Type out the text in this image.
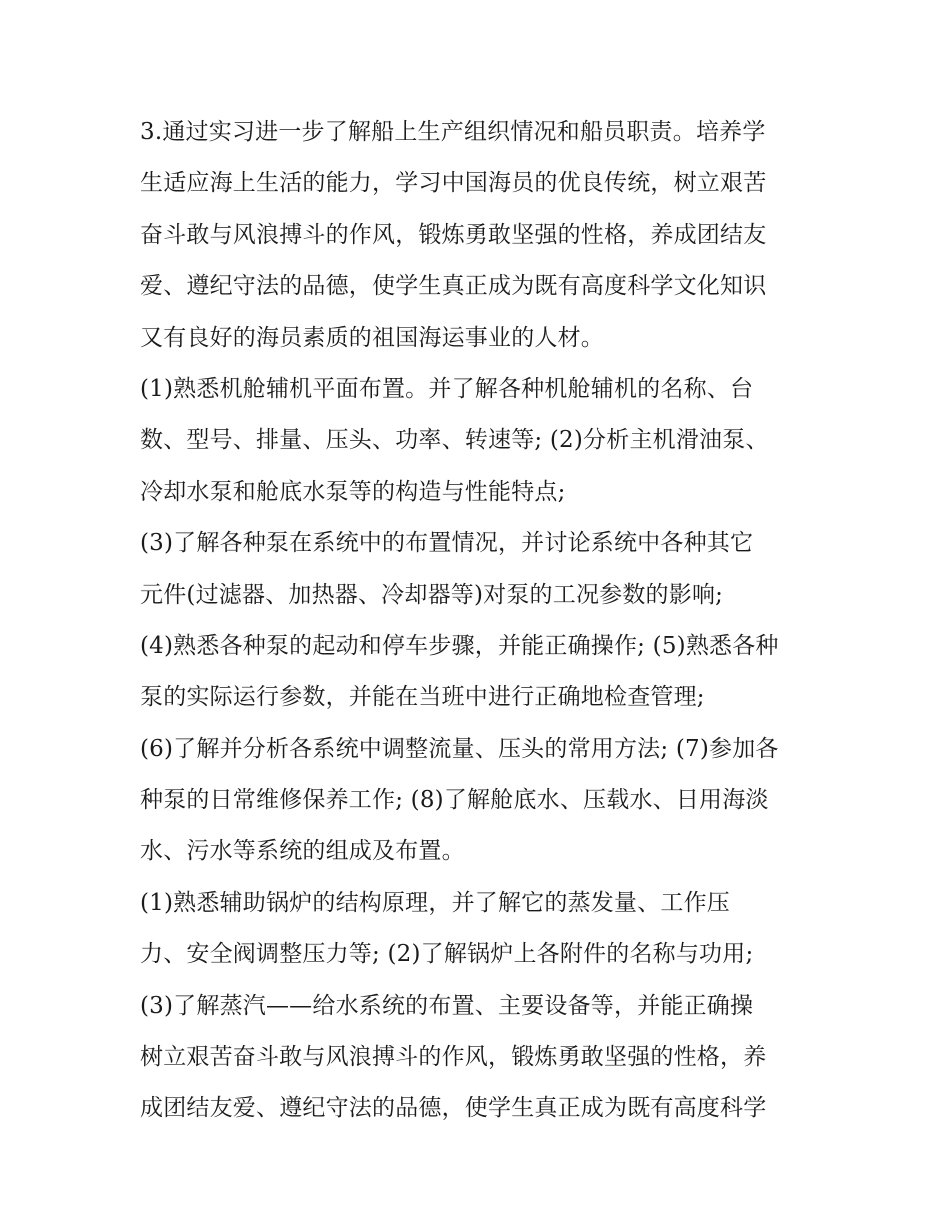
3.通过实习进一步了解船上生产组织情况和船员职责。培养学
生适应海上生活的能力，学习中国海员的优良传统，树立艰苦
奋斗敢与风浪搏斗的作风，锻炼勇敢坚强的性格，养成团结友
爱、遵纪守法的品德，使学生真正成为既有高度科学文化知识
又有良好的海员素质的祖国海运事业的人材。
(1)熟悉机舱辅机平面布置。并了解各种机舱辅机的名称、台
数、型号、排量、压头、功率、转速等; (2)分析主机滑油泵、
冷却水泵和舱底水泵等的构造与性能特点;
(3)了解各种泵在系统中的布置情况，并讨论系统中各种其它
元件(过滤器、加热器、冷却器等)对泵的工况参数的影响;
(4)熟悉各种泵的起动和停车步骤，并能正确操作; (5)熟悉各种
泵的实际运行参数，并能在当班中进行正确地检查管理;
(6)了解并分析各系统中调整流量、压头的常用方法; (7)参加各
种泵的日常维修保养工作; (8)了解舱底水、压载水、日用海淡
水、污水等系统的组成及布置。
(1)熟悉辅助锅炉的结构原理，并了解它的蒸发量、工作压
力、安全阀调整压力等; (2)了解锅炉上各附件的名称与功用;
(3)了解蒸汽——给水系统的布置、主要设备等，并能正确操
树立艰苦奋斗敢与风浪搏斗的作风，锻炼勇敢坚强的性格，养
成团结友爱、遵纪守法的品德，使学生真正成为既有高度科学
